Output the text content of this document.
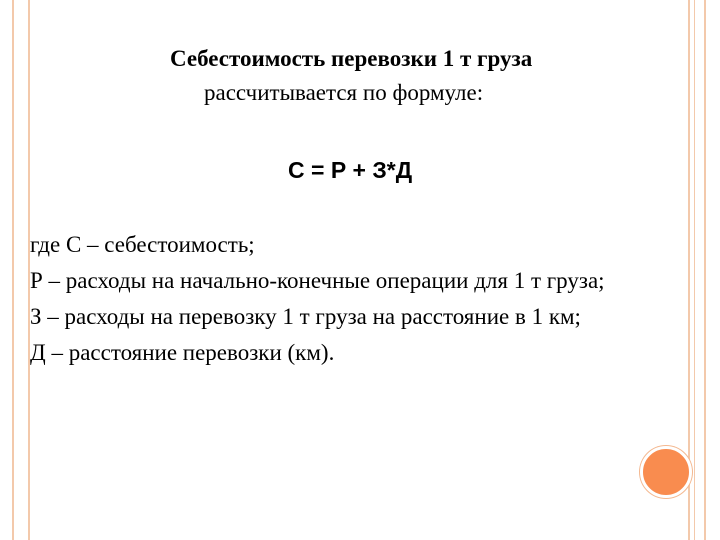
Себестоимость перевозки 1 т груза
рассчитывается по формуле:
С = Р + З*Д

где С – себестоимость;

Р – расходы на начально-конечные операции для 1 т груза;

З – расходы на перевозку 1 т груза на расстояние в 1 км;

Д – расстояние перевозки (км).
